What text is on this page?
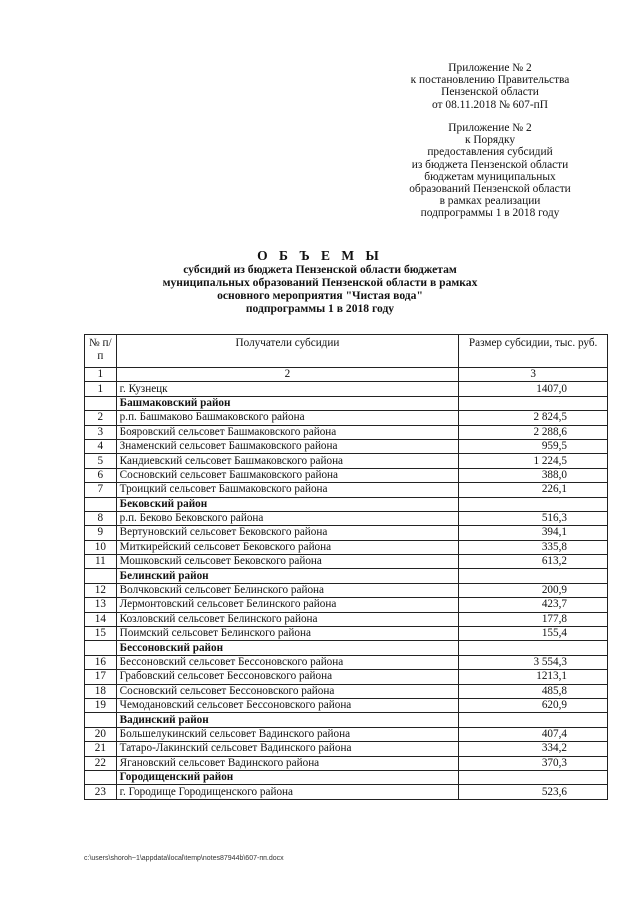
Приложение № 2
к постановлению Правительства
Пензенской области
от 08.11.2018 № 607-пП
Приложение № 2
к Порядку
предоставления субсидий
из бюджета Пензенской области
бюджетам муниципальных
образований Пензенской области
в рамках реализации
подпрограммы 1 в 2018 году
О Б Ъ Е М Ы
субсидий из бюджета Пензенской области бюджетам
муниципальных образований Пензенской области в рамках
основного мероприятия "Чистая вода"
подпрограммы 1 в 2018 году
№ п/п	Получатели субсидии	Размер субсидии, тыс. руб.
1	2	3
1	г. Кузнецк	1407,0
	Башмаковский район	
2	р.п. Башмаково Башмаковского района	2 824,5
3	Бояровский сельсовет Башмаковского района	2 288,6
4	Знаменский сельсовет Башмаковского района	959,5
5	Кандиевский сельсовет Башмаковского района	1 224,5
6	Сосновский сельсовет Башмаковского района	388,0
7	Троицкий сельсовет Башмаковского района	226,1
	Бековский район	
8	р.п. Беково Бековского района	516,3
9	Вертуновский сельсовет Бековского района	394,1
10	Миткирейский сельсовет Бековского района	335,8
11	Мошковский сельсовет Бековского района	613,2
	Белинский район	
12	Волчковский сельсовет Белинского района	200,9
13	Лермонтовский сельсовет Белинского района	423,7
14	Козловский сельсовет Белинского района	177,8
15	Поимский сельсовет Белинского района	155,4
	Бессоновский район	
16	Бессоновский сельсовет Бессоновского района	3 554,3
17	Грабовский сельсовет Бессоновского района	1213,1
18	Сосновский сельсовет Бессоновского района	485,8
19	Чемодановский сельсовет Бессоновского района	620,9
	Вадинский район	
20	Большелукинский сельсовет Вадинского района	407,4
21	Татаро-Лакинский сельсовет Вадинского района	334,2
22	Ягановский сельсовет Вадинского района	370,3
	Городищенский район	
23	г. Городище Городищенского района	523,6
c:\users\shoroh~1\appdata\local\temp\notes87944b\607-пп.docx
